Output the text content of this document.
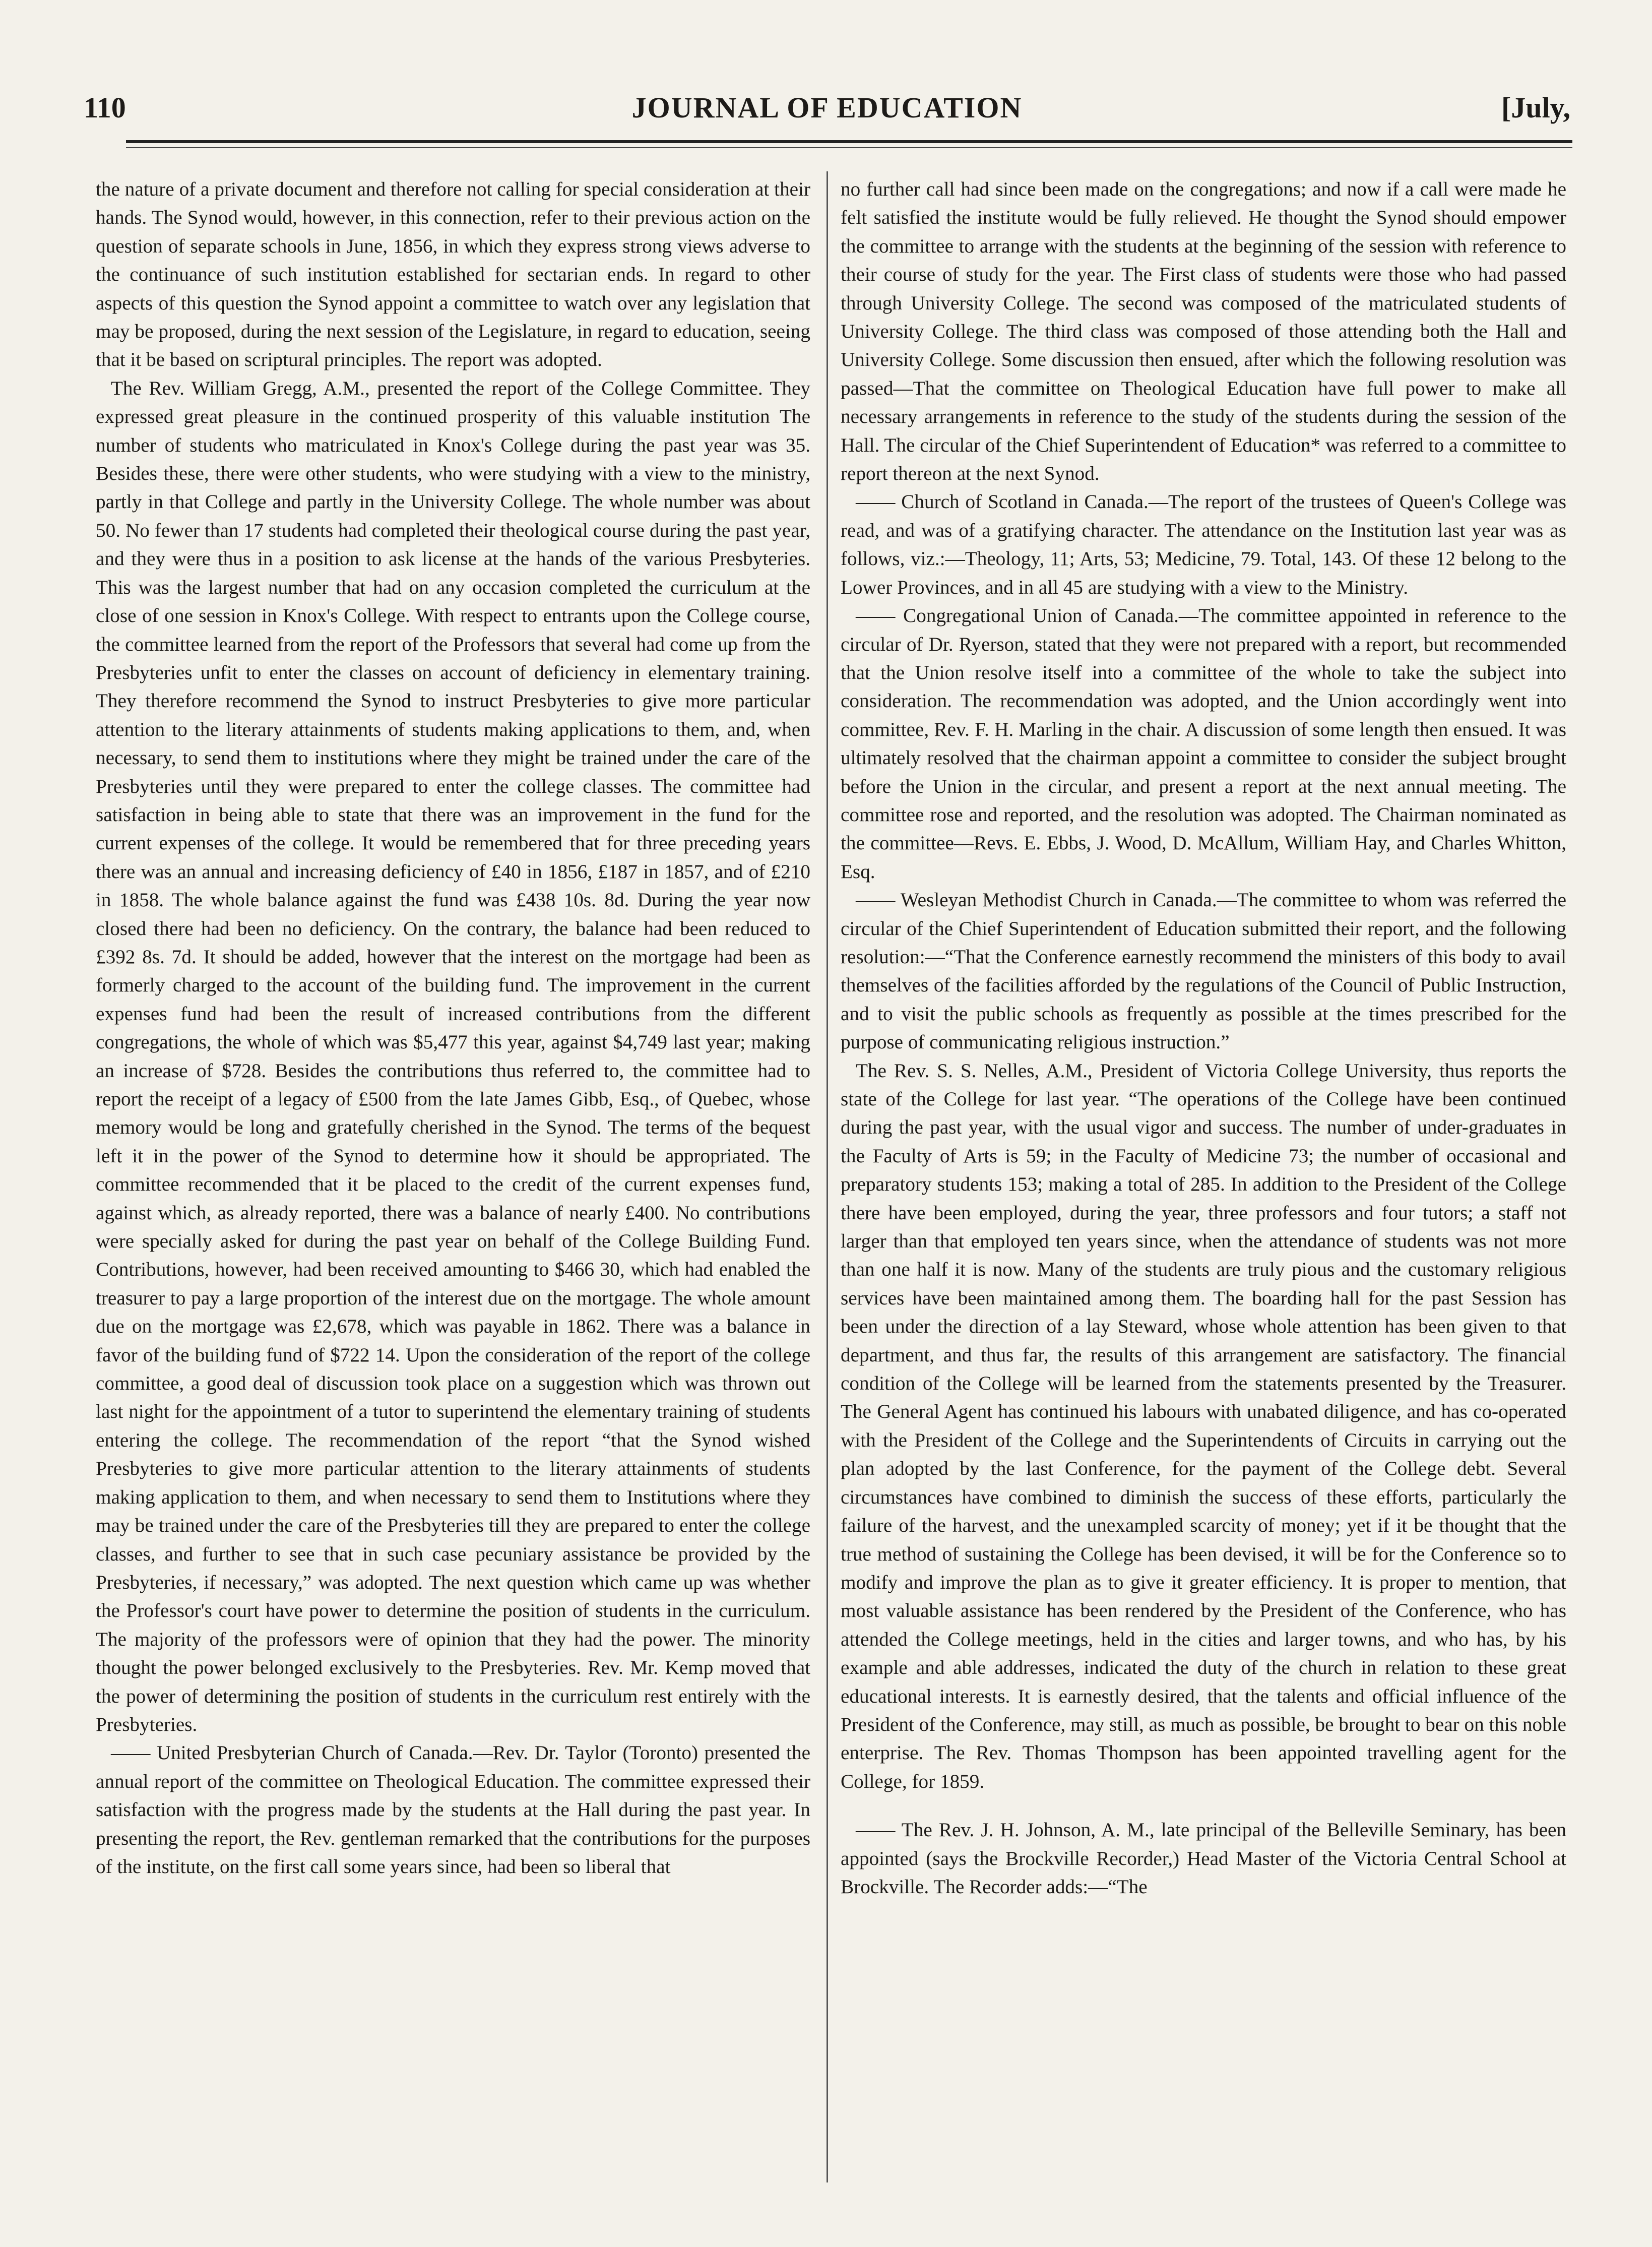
110	JOURNAL OF EDUCATION	[July,

the nature of a private document and therefore not calling for special consideration at their hands. The Synod would, however, in this connection, refer to their previous action on the question of separate schools in June, 1856, in which they express strong views adverse to the continuance of such institution established for sectarian ends. In regard to other aspects of this question the Synod appoint a committee to watch over any legislation that may be proposed, during the next session of the Legislature, in regard to education, seeing that it be based on scriptural principles. The report was adopted.

The Rev. William Gregg, A.M., presented the report of the College Committee. They expressed great pleasure in the continued prosperity of this valuable institution The number of students who matriculated in Knox's College during the past year was 35. Besides these, there were other students, who were studying with a view to the ministry, partly in that College and partly in the University College. The whole number was about 50. No fewer than 17 students had completed their theological course during the past year, and they were thus in a position to ask license at the hands of the various Presbyteries. This was the largest number that had on any occasion completed the curriculum at the close of one session in Knox's College. With respect to entrants upon the College course, the committee learned from the report of the Professors that several had come up from the Presbyteries unfit to enter the classes on account of deficiency in elementary training. They therefore recommend the Synod to instruct Presbyteries to give more particular attention to the literary attainments of students making applications to them, and, when necessary, to send them to institutions where they might be trained under the care of the Presbyteries until they were prepared to enter the college classes. The committee had satisfaction in being able to state that there was an improvement in the fund for the current expenses of the college. It would be remembered that for three preceding years there was an annual and increasing deficiency of £40 in 1856, £187 in 1857, and of £210 in 1858. The whole balance against the fund was £438 10s. 8d. During the year now closed there had been no deficiency. On the contrary, the balance had been reduced to £392 8s. 7d. It should be added, however that the interest on the mortgage had been as formerly charged to the account of the building fund. The improvement in the current expenses fund had been the result of increased contributions from the different congregations, the whole of which was $5,477 this year, against $4,749 last year; making an increase of $728. Besides the contributions thus referred to, the committee had to report the receipt of a legacy of £500 from the late James Gibb, Esq., of Quebec, whose memory would be long and gratefully cherished in the Synod. The terms of the bequest left it in the power of the Synod to determine how it should be appropriated. The committee recommended that it be placed to the credit of the current expenses fund, against which, as already reported, there was a balance of nearly £400. No contributions were specially asked for during the past year on behalf of the College Building Fund. Contributions, however, had been received amounting to $466 30, which had enabled the treasurer to pay a large proportion of the interest due on the mortgage. The whole amount due on the mortgage was £2,678, which was payable in 1862. There was a balance in favor of the building fund of $722 14. Upon the consideration of the report of the college committee, a good deal of discussion took place on a suggestion which was thrown out last night for the appointment of a tutor to superintend the elementary training of students entering the college. The recommendation of the report “that the Synod wished Presbyteries to give more particular attention to the literary attainments of students making application to them, and when necessary to send them to Institutions where they may be trained under the care of the Presbyteries till they are prepared to enter the college classes, and further to see that in such case pecuniary assistance be provided by the Presbyteries, if necessary,” was adopted. The next question which came up was whether the Professor's court have power to determine the position of students in the curriculum. The majority of the professors were of opinion that they had the power. The minority thought the power belonged exclusively to the Presbyteries. Rev. Mr. Kemp moved that the power of determining the position of students in the curriculum rest entirely with the Presbyteries.

—— United Presbyterian Church of Canada.—Rev. Dr. Taylor (Toronto) presented the annual report of the committee on Theological Education. The committee expressed their satisfaction with the progress made by the students at the Hall during the past year. In presenting the report, the Rev. gentleman remarked that the contributions for the purposes of the institute, on the first call some years since, had been so liberal that

no further call had since been made on the congregations; and now if a call were made he felt satisfied the institute would be fully relieved. He thought the Synod should empower the committee to arrange with the students at the beginning of the session with reference to their course of study for the year. The First class of students were those who had passed through University College. The second was composed of the matriculated students of University College. The third class was composed of those attending both the Hall and University College. Some discussion then ensued, after which the following resolution was passed—That the committee on Theological Education have full power to make all necessary arrangements in reference to the study of the students during the session of the Hall. The circular of the Chief Superintendent of Education* was referred to a committee to report thereon at the next Synod.

—— Church of Scotland in Canada.—The report of the trustees of Queen's College was read, and was of a gratifying character. The attendance on the Institution last year was as follows, viz.:—Theology, 11; Arts, 53; Medicine, 79. Total, 143. Of these 12 belong to the Lower Provinces, and in all 45 are studying with a view to the Ministry.

—— Congregational Union of Canada.—The committee appointed in reference to the circular of Dr. Ryerson, stated that they were not prepared with a report, but recommended that the Union resolve itself into a committee of the whole to take the subject into consideration. The recommendation was adopted, and the Union accordingly went into committee, Rev. F. H. Marling in the chair. A discussion of some length then ensued. It was ultimately resolved that the chairman appoint a committee to consider the subject brought before the Union in the circular, and present a report at the next annual meeting. The committee rose and reported, and the resolution was adopted. The Chairman nominated as the committee—Revs. E. Ebbs, J. Wood, D. McAllum, William Hay, and Charles Whitton, Esq.

—— Wesleyan Methodist Church in Canada.—The committee to whom was referred the circular of the Chief Superintendent of Education submitted their report, and the following resolution:—“That the Conference earnestly recommend the ministers of this body to avail themselves of the facilities afforded by the regulations of the Council of Public Instruction, and to visit the public schools as frequently as possible at the times prescribed for the purpose of communicating religious instruction.”

The Rev. S. S. Nelles, A.M., President of Victoria College University, thus reports the state of the College for last year. “The operations of the College have been continued during the past year, with the usual vigor and success. The number of under-graduates in the Faculty of Arts is 59; in the Faculty of Medicine 73; the number of occasional and preparatory students 153; making a total of 285. In addition to the President of the College there have been employed, during the year, three professors and four tutors; a staff not larger than that employed ten years since, when the attendance of students was not more than one half it is now. Many of the students are truly pious and the customary religious services have been maintained among them. The boarding hall for the past Session has been under the direction of a lay Steward, whose whole attention has been given to that department, and thus far, the results of this arrangement are satisfactory. The financial condition of the College will be learned from the statements presented by the Treasurer. The General Agent has continued his labours with unabated diligence, and has co-operated with the President of the College and the Superintendents of Circuits in carrying out the plan adopted by the last Conference, for the payment of the College debt. Several circumstances have combined to diminish the success of these efforts, particularly the failure of the harvest, and the unexampled scarcity of money; yet if it be thought that the true method of sustaining the College has been devised, it will be for the Conference so to modify and improve the plan as to give it greater efficiency. It is proper to mention, that most valuable assistance has been rendered by the President of the Conference, who has attended the College meetings, held in the cities and larger towns, and who has, by his example and able addresses, indicated the duty of the church in relation to these great educational interests. It is earnestly desired, that the talents and official influence of the President of the Conference, may still, as much as possible, be brought to bear on this noble enterprise. The Rev. Thomas Thompson has been appointed travelling agent for the College, for 1859.

—— The Rev. J. H. Johnson, A. M., late principal of the Belleville Seminary, has been appointed (says the Brockville Recorder,) Head Master of the Victoria Central School at Brockville. The Recorder adds:—“The
